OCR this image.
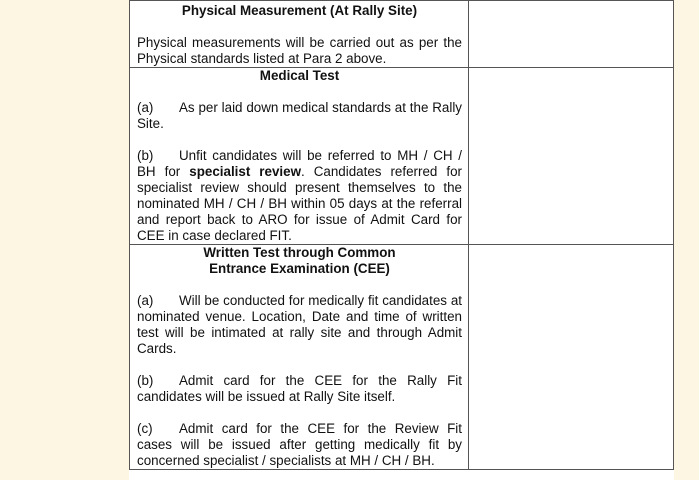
Physical Measurement (At Rally Site)

Physical measurements will be carried out as per the Physical standards listed at Para 2 above.	

Medical Test

(a) As per laid down medical standards at the Rally Site.

(b) Unfit candidates will be referred to MH / CH / BH for specialist review. Candidates referred for specialist review should present themselves to the nominated MH / CH / BH within 05 days at the referral and report back to ARO for issue of Admit Card for CEE in case declared FIT.	

Written Test through Common Entrance Examination (CEE)

(a) Will be conducted for medically fit candidates at nominated venue. Location, Date and time of written test will be intimated at rally site and through Admit Cards.

(b) Admit card for the CEE for the Rally Fit candidates will be issued at Rally Site itself.

(c) Admit card for the CEE for the Review Fit cases will be issued after getting medically fit by concerned specialist / specialists at MH / CH / BH.	
